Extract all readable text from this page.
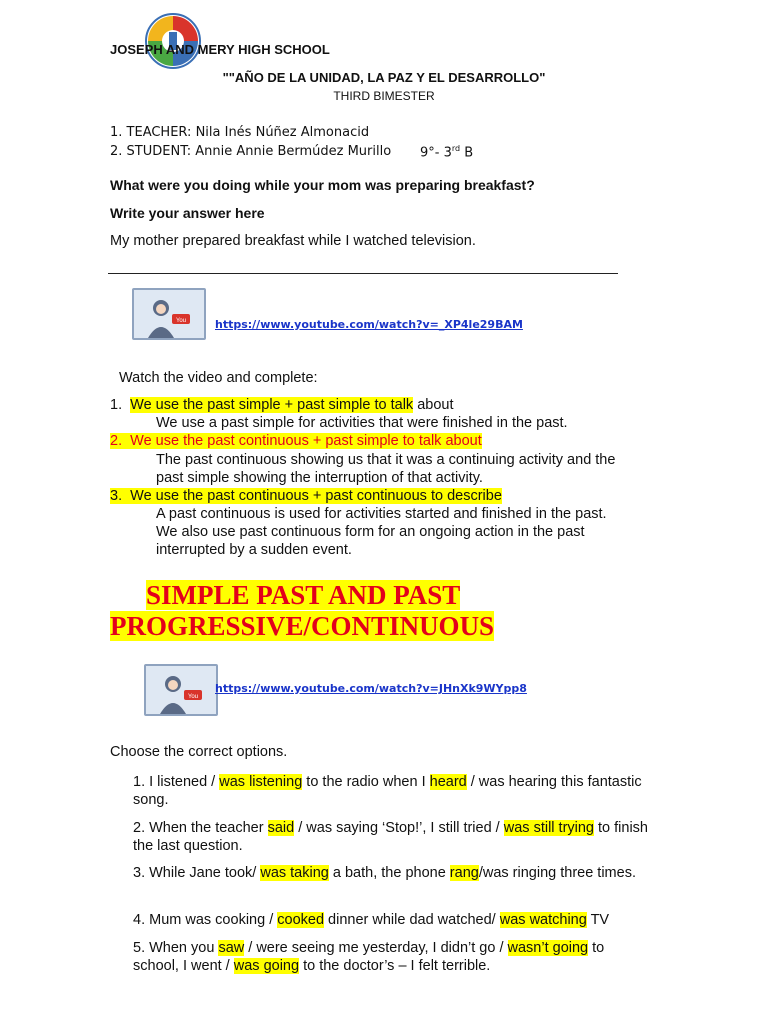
JOSEPH AND MERY HIGH SCHOOL
""AÑO DE LA UNIDAD, LA PAZ Y EL DESARROLLO"
THIRD BIMESTER
1. TEACHER: Nila Inés Núñez Almonacid
2. STUDENT: Annie Annie Bermúdez Murillo 9°- 3rd B
What were you doing while your mom was preparing breakfast?
Write your answer here
My mother prepared breakfast while I watched television.
You	https://www.youtube.com/watch?v=_XP4le29BAM
Watch the video and complete:
1. We use the past simple + past simple to talk about
We use a past simple for activities that were finished in the past.
2. We use the past continuous + past simple to talk about
The past continuous showing us that it was a continuing activity and the
past simple showing the interruption of that activity.
3. We use the past continuous + past continuous to describe
A past continuous is used for activities started and finished in the past.
We also use past continuous form for an ongoing action in the past
interrupted by a sudden event.
SIMPLE PAST AND PAST
PROGRESSIVE/CONTINUOUS
You
https://www.youtube.com/watch?v=JHnXk9WYpp8
Choose the correct options.
1. I listened / was listening to the radio when I heard / was hearing this fantastic song.
2. When the teacher said / was saying ‘Stop!’, I still tried / was still trying to finish the last question.
3. While Jane took/ was taking a bath, the phone rang/was ringing three times.
4. Mum was cooking / cooked dinner while dad watched/ was watching TV
5. When you saw / were seeing me yesterday, I didn’t go / wasn’t going to school, I went / was going to the doctor’s – I felt terrible.
